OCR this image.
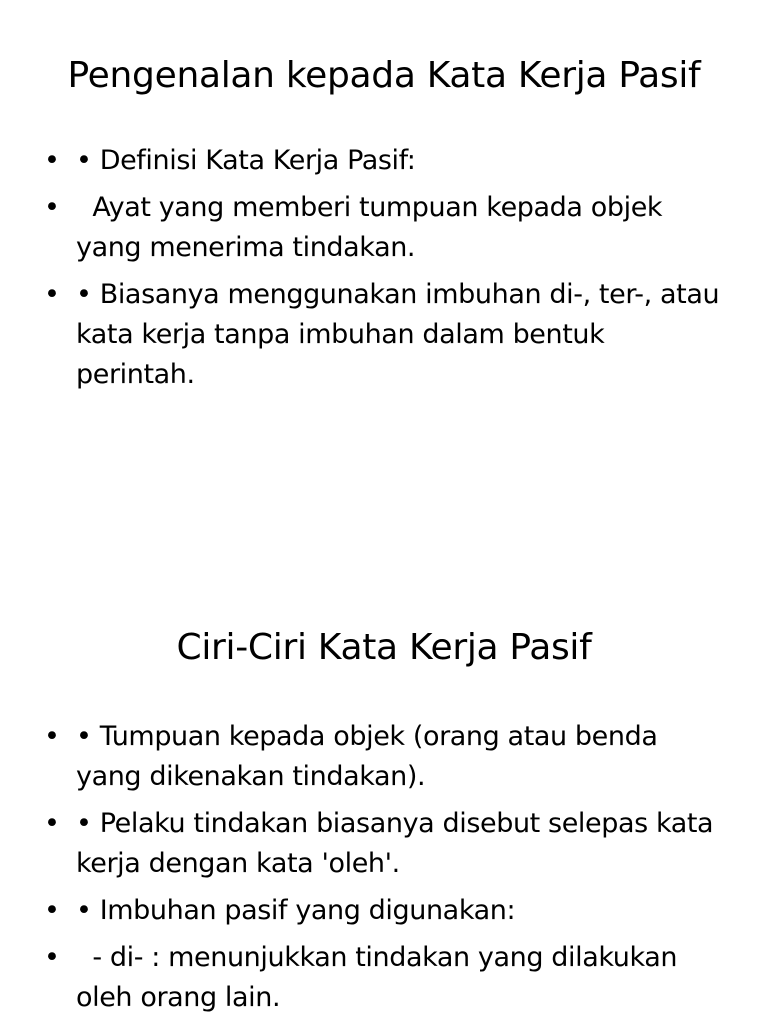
Pengenalan kepada Kata Kerja Pasif
• • Definisi Kata Kerja Pasif:
• Ayat yang memberi tumpuan kepada objek yang menerima tindakan.
• • Biasanya menggunakan imbuhan di-, ter-, atau kata kerja tanpa imbuhan dalam bentuk perintah.
Ciri-Ciri Kata Kerja Pasif
• • Tumpuan kepada objek (orang atau benda yang dikenakan tindakan).
• • Pelaku tindakan biasanya disebut selepas kata kerja dengan kata 'oleh'.
• • Imbuhan pasif yang digunakan:
• - di- : menunjukkan tindakan yang dilakukan oleh orang lain.
